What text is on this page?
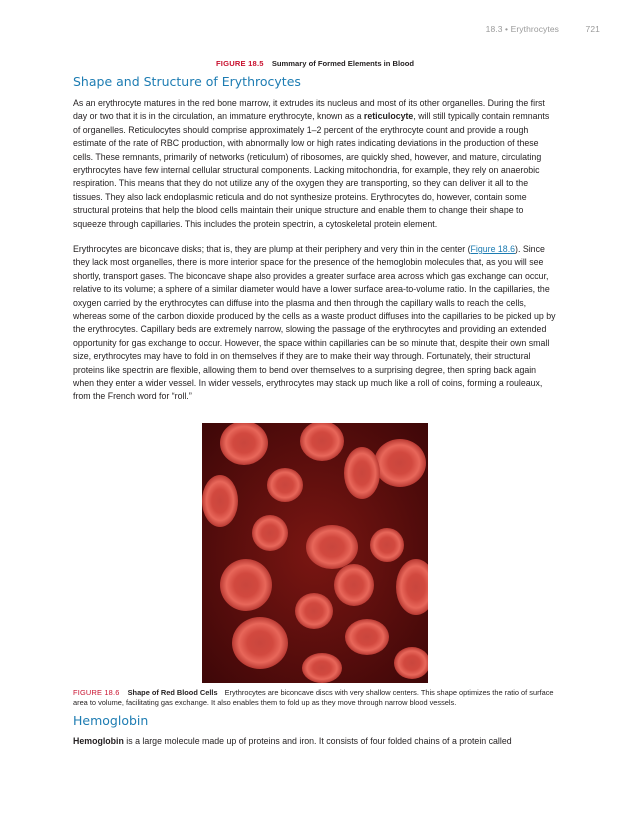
18.3 • Erythrocytes	721
FIGURE 18.5 Summary of Formed Elements in Blood
Shape and Structure of Erythrocytes

As an erythrocyte matures in the red bone marrow, it extrudes its nucleus and most of its other organelles. During the first day or two that it is in the circulation, an immature erythrocyte, known as a reticulocyte, will still typically contain remnants of organelles. Reticulocytes should comprise approximately 1–2 percent of the erythrocyte count and provide a rough estimate of the rate of RBC production, with abnormally low or high rates indicating deviations in the production of these cells. These remnants, primarily of networks (reticulum) of ribosomes, are quickly shed, however, and mature, circulating erythrocytes have few internal cellular structural components. Lacking mitochondria, for example, they rely on anaerobic respiration. This means that they do not utilize any of the oxygen they are transporting, so they can deliver it all to the tissues. They also lack endoplasmic reticula and do not synthesize proteins. Erythrocytes do, however, contain some structural proteins that help the blood cells maintain their unique structure and enable them to change their shape to squeeze through capillaries. This includes the protein spectrin, a cytoskeletal protein element.

Erythrocytes are biconcave disks; that is, they are plump at their periphery and very thin in the center (Figure 18.6). Since they lack most organelles, there is more interior space for the presence of the hemoglobin molecules that, as you will see shortly, transport gases. The biconcave shape also provides a greater surface area across which gas exchange can occur, relative to its volume; a sphere of a similar diameter would have a lower surface area-to-volume ratio. In the capillaries, the oxygen carried by the erythrocytes can diffuse into the plasma and then through the capillary walls to reach the cells, whereas some of the carbon dioxide produced by the cells as a waste product diffuses into the capillaries to be picked up by the erythrocytes. Capillary beds are extremely narrow, slowing the passage of the erythrocytes and providing an extended opportunity for gas exchange to occur. However, the space within capillaries can be so minute that, despite their own small size, erythrocytes may have to fold in on themselves if they are to make their way through. Fortunately, their structural proteins like spectrin are flexible, allowing them to bend over themselves to a surprising degree, then spring back again when they enter a wider vessel. In wider vessels, erythrocytes may stack up much like a roll of coins, forming a rouleaux, from the French word for “roll.”

FIGURE 18.6 Shape of Red Blood Cells Erythrocytes are biconcave discs with very shallow centers. This shape optimizes the ratio of surface area to volume, facilitating gas exchange. It also enables them to fold up as they move through narrow blood vessels.

Hemoglobin

Hemoglobin is a large molecule made up of proteins and iron. It consists of four folded chains of a protein called
